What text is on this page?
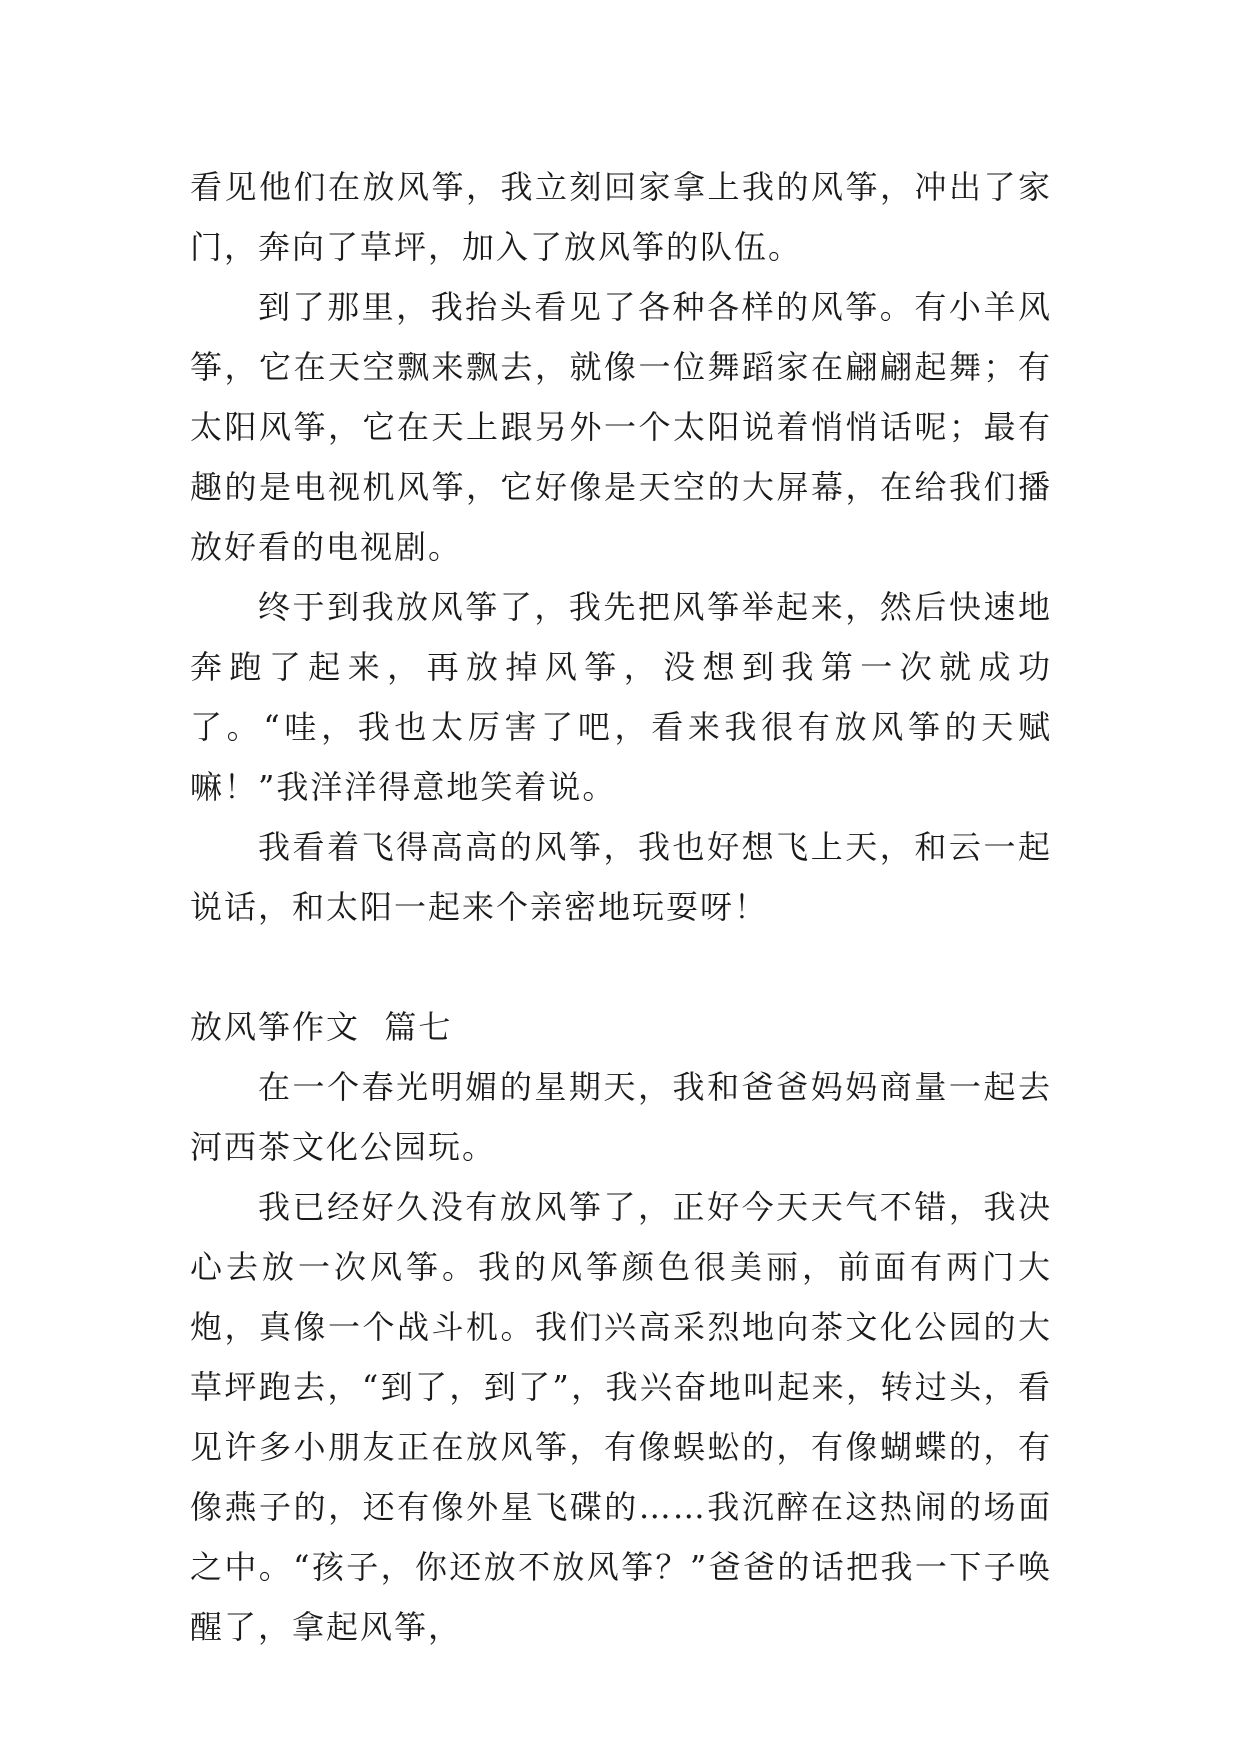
看见他们在放风筝，我立刻回家拿上我的风筝，冲出了家门，奔向了草坪，加入了放风筝的队伍。

到了那里，我抬头看见了各种各样的风筝。有小羊风筝，它在天空飘来飘去，就像一位舞蹈家在翩翩起舞；有太阳风筝，它在天上跟另外一个太阳说着悄悄话呢；最有趣的是电视机风筝，它好像是天空的大屏幕，在给我们播放好看的电视剧。

终于到我放风筝了，我先把风筝举起来，然后快速地奔跑了起来，再放掉风筝，没想到我第一次就成功了。“哇，我也太厉害了吧，看来我很有放风筝的天赋嘛！”我洋洋得意地笑着说。

我看着飞得高高的风筝，我也好想飞上天，和云一起说话，和太阳一起来个亲密地玩耍呀！

放风筝作文  篇七

在一个春光明媚的星期天，我和爸爸妈妈商量一起去河西茶文化公园玩。

我已经好久没有放风筝了，正好今天天气不错，我决心去放一次风筝。我的风筝颜色很美丽，前面有两门大炮，真像一个战斗机。我们兴高采烈地向茶文化公园的大草坪跑去，“到了，到了”，我兴奋地叫起来，转过头，看见许多小朋友正在放风筝，有像蜈蚣的，有像蝴蝶的，有像燕子的，还有像外星飞碟的……我沉醉在这热闹的场面之中。“孩子，你还放不放风筝？”爸爸的话把我一下子唤醒了，拿起风筝，
